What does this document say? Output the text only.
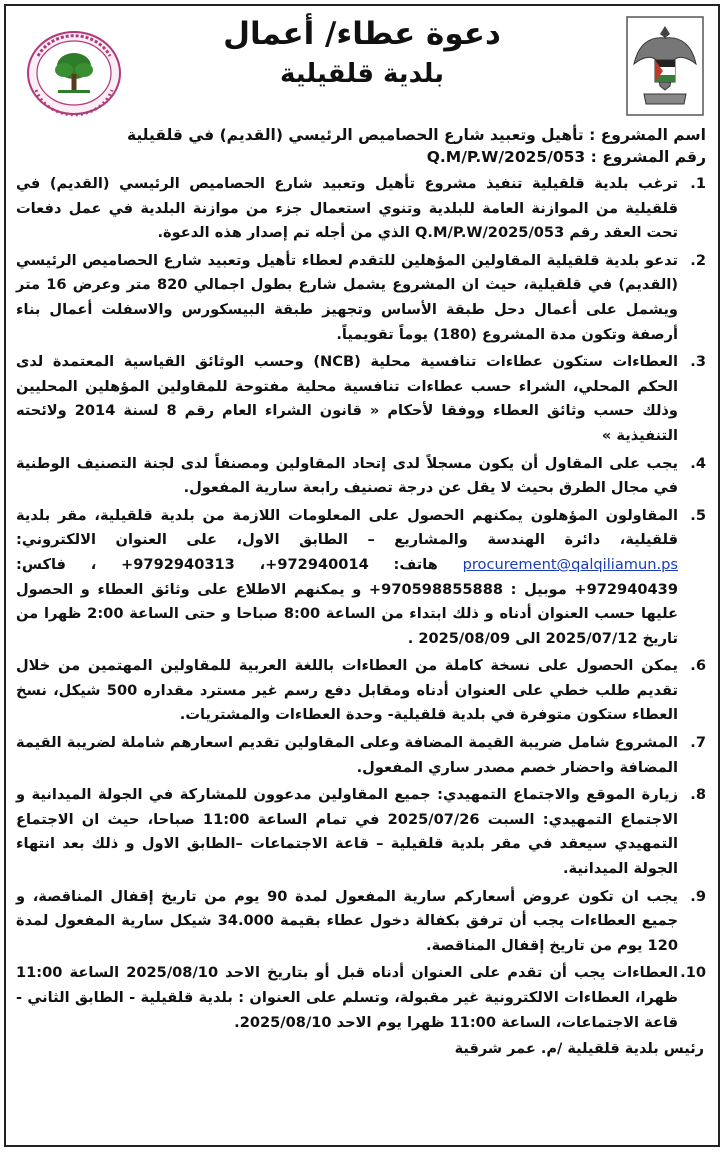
دعوة عطاء/ أعمال
بلدية قلقيلية
اسم المشروع : تأهيل وتعبيد شارع الحصاميص الرئيسي (القديم) في قلقيلية
رقم المشروع : Q.M/P.W/2025/053
1.
ترغب بلدية قلقيلية تنفيذ مشروع تأهيل وتعبيد شارع الحصاميص الرئيسي (القديم) في قلقيلية من الموازنة العامة للبلدية وتنوي استعمال جزء من موازنة البلدية في عمل دفعات تحت العقد رقم 053/Q.M/P.W/2025 الذي من أجله تم إصدار هذه الدعوة.
2.
تدعو بلدية قلقيلية المقاولين المؤهلين للتقدم لعطاء تأهيل وتعبيد شارع الحصاميص الرئيسي (القديم) في قلقيلية، حيث ان المشروع يشمل شارع بطول اجمالي 820 متر وعرض 16 متر ويشمل على أعمال دحل طبقة الأساس وتجهيز طبقة البيسكورس والاسفلت أعمال بناء أرصفة وتكون مدة المشروع (180) يوماً تقويمياً.
3.
العطاءات ستكون عطاءات تنافسية محلية (NCB) وحسب الوثائق القياسية المعتمدة لدى الحكم المحلي، الشراء حسب عطاءات تنافسية محلية مفتوحة للمقاولين المؤهلين المحليين وذلك حسب وثائق العطاء ووفقا لأحكام « قانون الشراء العام رقم 8 لسنة 2014 ولائحته التنفيذية »
4.
يجب على المقاول أن يكون مسجلاً لدى إتحاد المقاولين ومصنفاً لدى لجنة التصنيف الوطنية في مجال الطرق بحيث لا يقل عن درجة تصنيف رابعة سارية المفعول.
5.
المقاولون المؤهلون يمكنهم الحصول على المعلومات اللازمة من بلدية قلقيلية، مقر بلدية قلقيلية، دائرة الهندسة والمشاريع – الطابق الاول، على العنوان الالكتروني: procurement@qalqiliamun.ps هاتف: 972940014+، 9792940313+ ، فاكس: 972940439+ موبيل : 970598855888+ و يمكنهم الاطلاع على وثائق العطاء و الحصول عليها حسب العنوان أدناه و ذلك ابتداء من الساعة 8:00 صباحا و حتى الساعة 2:00 ظهرا من تاريخ 2025/07/12 الى 2025/08/09 .
6.
يمكن الحصول على نسخة كاملة من العطاءات باللغة العربية للمقاولين المهتمين من خلال تقديم طلب خطي على العنوان أدناه ومقابل دفع رسم غير مسترد مقداره 500 شيكل، نسخ العطاء ستكون متوفرة في بلدية قلقيلية- وحدة العطاءات والمشتريات.
7.
المشروع شامل ضريبة القيمة المضافة وعلى المقاولين تقديم اسعارهم شاملة لضريبة القيمة المضافة واحضار خصم مصدر ساري المفعول.
8.
زيارة الموقع والاجتماع التمهيدي: جميع المقاولين مدعوون للمشاركة في الجولة الميدانية و الاجتماع التمهيدي: السبت 2025/07/26 في تمام الساعة 11:00 صباحا، حيث ان الاجتماع التمهيدي سيعقد في مقر بلدية قلقيلية – قاعة الاجتماعات –الطابق الاول و ذلك بعد انتهاء الجولة الميدانية.
9.
يجب ان تكون عروض أسعاركم سارية المفعول لمدة 90 يوم من تاريخ إقفال المناقصة، و جميع العطاءات يجب أن ترفق بكفالة دخول عطاء بقيمة 34.000 شيكل سارية المفعول لمدة 120 يوم من تاريخ إقفال المناقصة.
10.
العطاءات يجب أن تقدم على العنوان أدناه قبل أو بتاريخ الاحد 2025/08/10 الساعة 11:00 ظهرا، العطاءات الالكترونية غير مقبولة، وتسلم على العنوان : بلدية قلقيلية - الطابق الثاني - قاعة الاجتماعات، الساعة 11:00 ظهرا يوم الاحد 2025/08/10.
رئيس بلدية قلقيلية /م. عمر شرقية
